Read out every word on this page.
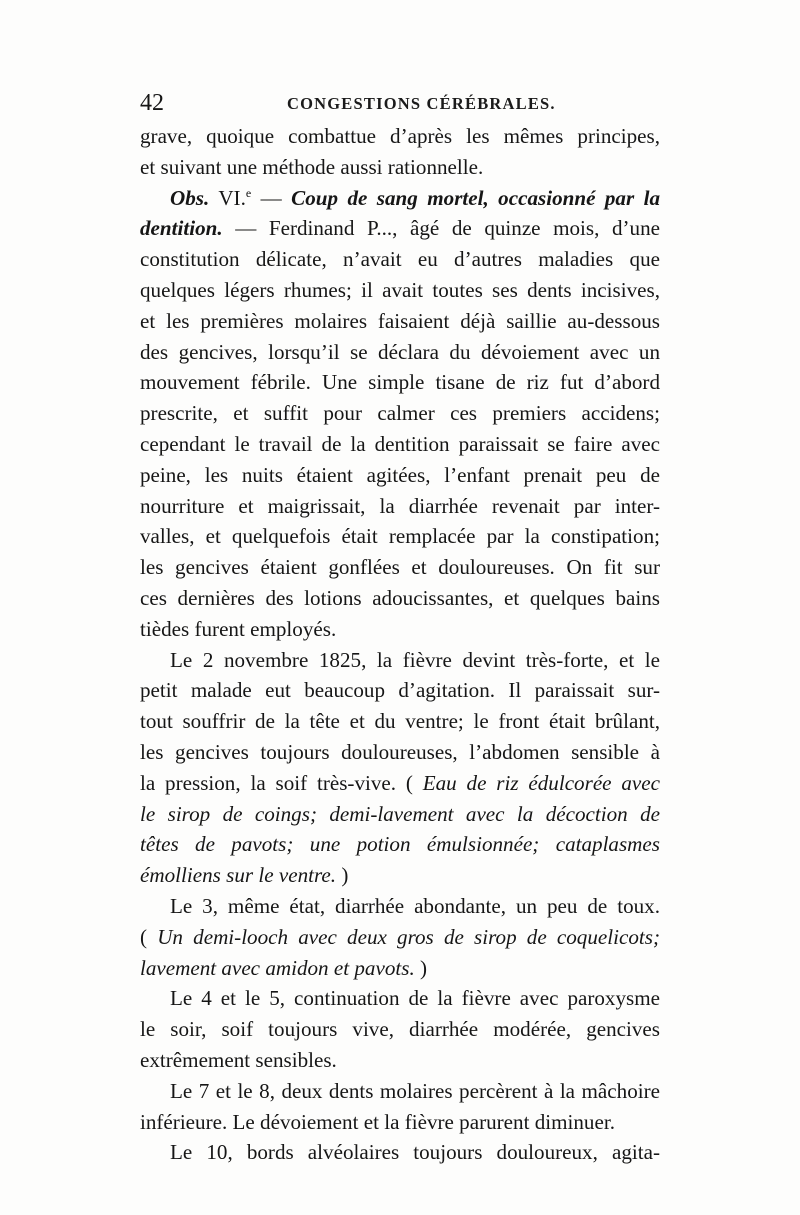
42	CONGESTIONS CÉRÉBRALES.
grave, quoique combattue d’après les mêmes principes,
et suivant une méthode aussi rationnelle.
Obs. VI.$^e$ — Coup de sang mortel, occasionné par la
dentition. — Ferdinand P..., âgé de quinze mois, d’une
constitution délicate, n’avait eu d’autres maladies que
quelques légers rhumes; il avait toutes ses dents incisives,
et les premières molaires faisaient déjà saillie au-dessous
des gencives, lorsqu’il se déclara du dévoiement avec un
mouvement fébrile. Une simple tisane de riz fut d’abord
prescrite, et suffit pour calmer ces premiers accidens;
cependant le travail de la dentition paraissait se faire avec
peine, les nuits étaient agitées, l’enfant prenait peu de
nourriture et maigrissait, la diarrhée revenait par inter-
valles, et quelquefois était remplacée par la constipation;
les gencives étaient gonflées et douloureuses. On fit sur
ces dernières des lotions adoucissantes, et quelques bains
tièdes furent employés.
Le 2 novembre 1825, la fièvre devint très-forte, et le
petit malade eut beaucoup d’agitation. Il paraissait sur-
tout souffrir de la tête et du ventre; le front était brûlant,
les gencives toujours douloureuses, l’abdomen sensible à
la pression, la soif très-vive. ( Eau de riz édulcorée avec
le sirop de coings; demi-lavement avec la décoction de
têtes de pavots; une potion émulsionnée; cataplasmes
émolliens sur le ventre. )
Le 3, même état, diarrhée abondante, un peu de toux.
( Un demi-looch avec deux gros de sirop de coquelicots;
lavement avec amidon et pavots. )
Le 4 et le 5, continuation de la fièvre avec paroxysme
le soir, soif toujours vive, diarrhée modérée, gencives
extrêmement sensibles.
Le 7 et le 8, deux dents molaires percèrent à la mâchoire
inférieure. Le dévoiement et la fièvre parurent diminuer.
Le 10, bords alvéolaires toujours douloureux, agita-
